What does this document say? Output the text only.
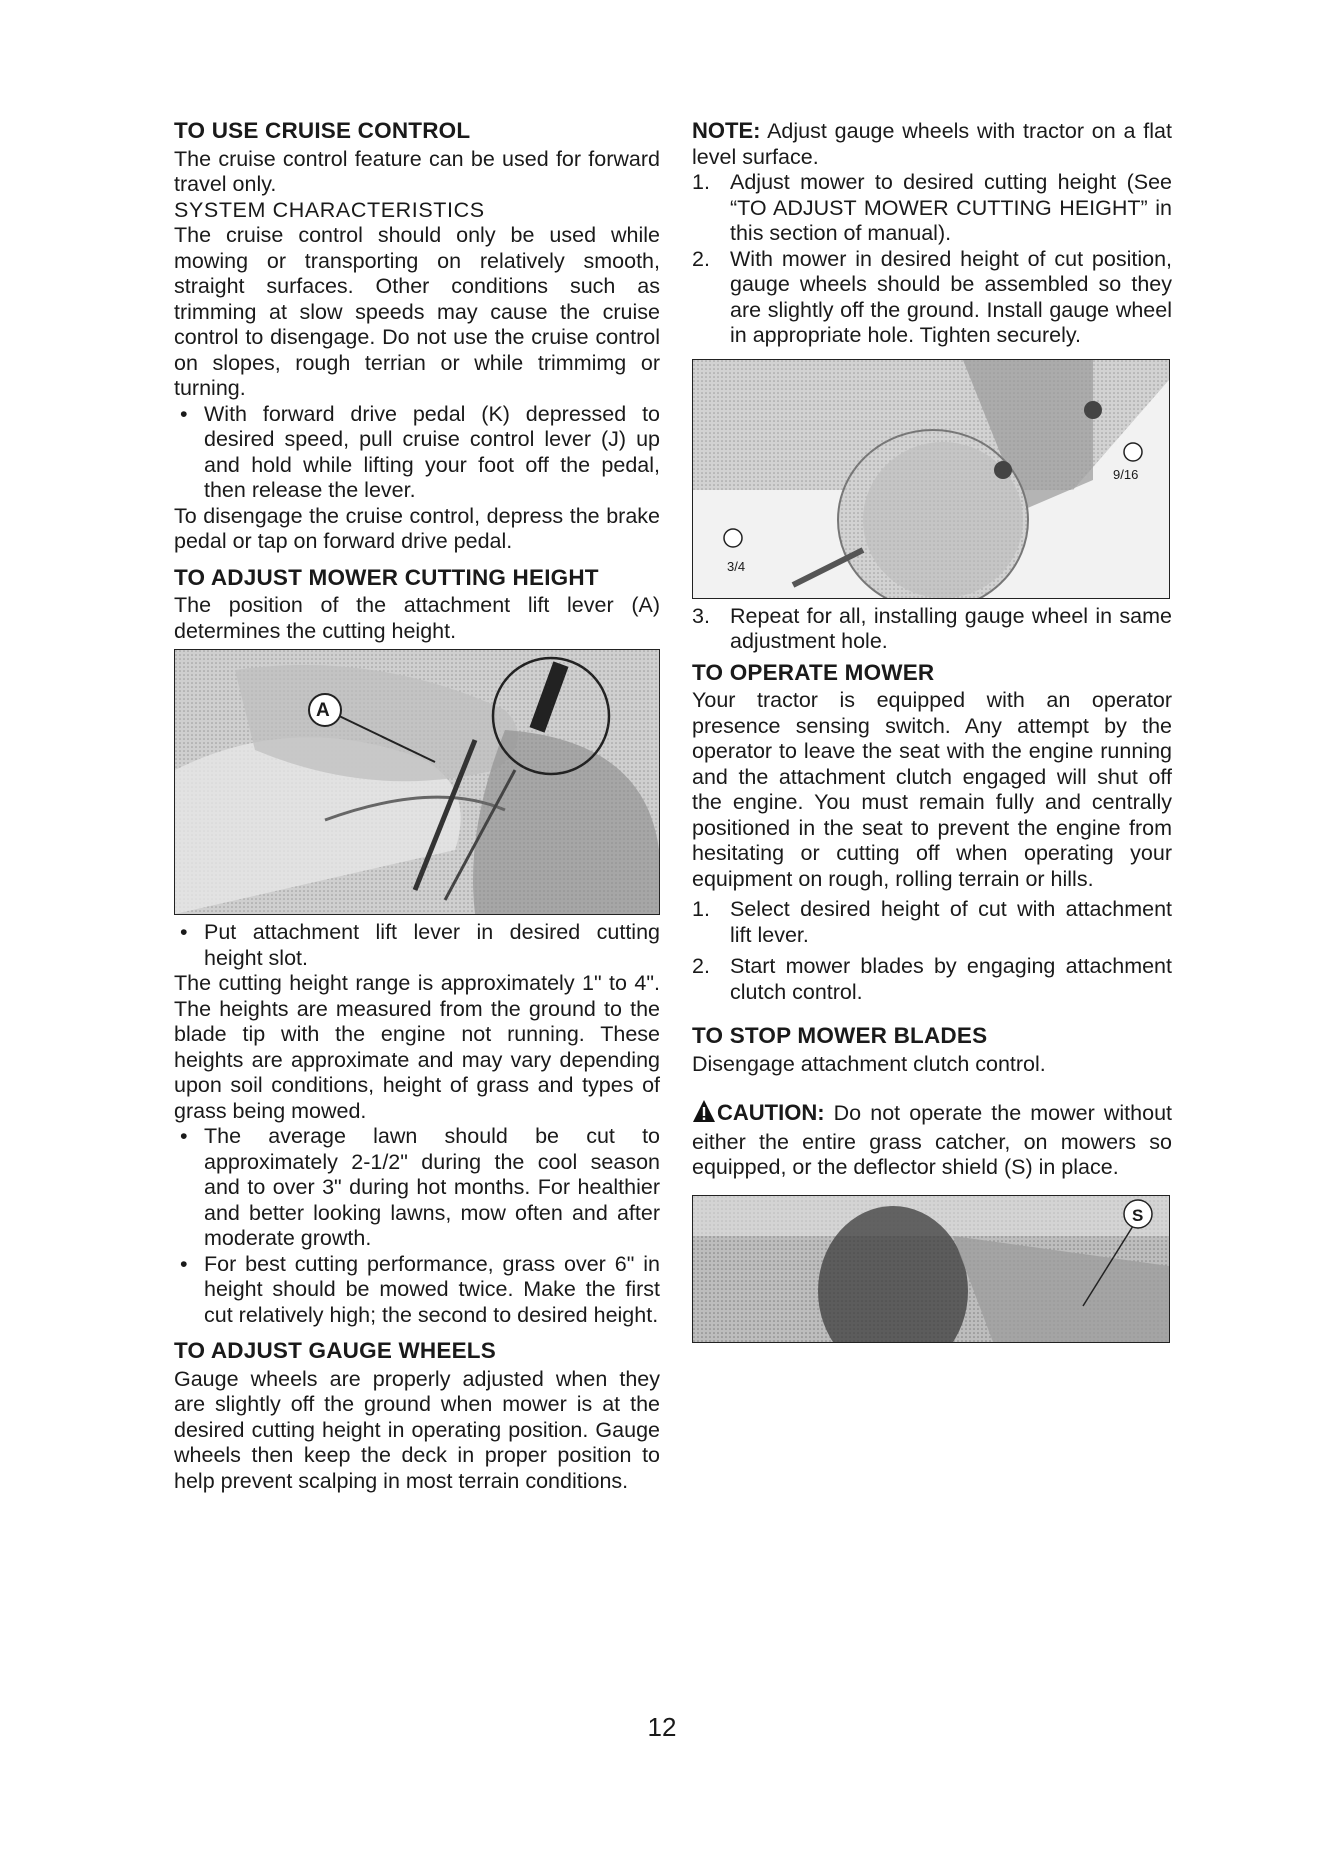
TO USE CRUISE CONTROL

The cruise control feature can be used for forward travel only.

SYSTEM CHARACTERISTICS

The cruise control should only be used while mowing or transporting on relatively smooth, straight surfaces. Other conditions such as trimming at slow speeds may cause the cruise control to disengage. Do not use the cruise control on slopes, rough terrian or while trimmimg or turning.

• With forward drive pedal (K) depressed to desired speed, pull cruise control lever (J) up and hold while lifting your foot off the pedal, then release the lever.

To disengage the cruise control, depress the brake pedal or tap on forward drive pedal.

TO ADJUST MOWER CUTTING HEIGHT

The position of the attachment lift lever (A) determines the cutting height.

A
• Put attachment lift lever in desired cutting height slot.

The cutting height range is approximately 1" to 4". The heights are measured from the ground to the blade tip with the engine not running. These heights are approximate and may vary depending upon soil conditions, height of grass and types of grass being mowed.

• The average lawn should be cut to approximately 2-1/2" during the cool season and to over 3" during hot months. For healthier and better looking lawns, mow often and after moderate growth.
• For best cutting performance, grass over 6" in height should be mowed twice. Make the first cut relatively high; the second to desired height.
TO ADJUST GAUGE WHEELS

Gauge wheels are properly adjusted when they are slightly off the ground when mower is at the desired cutting height in operating position. Gauge wheels then keep the deck in proper position to help prevent scalping in most terrain conditions.

NOTE: Adjust gauge wheels with tractor on a flat level surface.

1. Adjust mower to desired cutting height (See “TO ADJUST MOWER CUTTING HEIGHT” in this section of manual).
2. With mower in desired height of cut position, gauge wheels should be assembled so they are slightly off the ground. Install gauge wheel in appropriate hole. Tighten securely.
9/16
3/4
3. Repeat for all, installing gauge wheel in same adjustment hole.
TO OPERATE MOWER

Your tractor is equipped with an operator presence sensing switch. Any attempt by the operator to leave the seat with the engine running and the attachment clutch engaged will shut off the engine. You must remain fully and centrally positioned in the seat to prevent the engine from hesitating or cutting off when operating your equipment on rough, rolling terrain or hills.

1. Select desired height of cut with attachment lift lever.
2. Start mower blades by engaging attachment clutch control.
TO STOP MOWER BLADES

Disengage attachment clutch control.

CAUTION: Do not operate the mower without either the entire grass catcher, on mowers so equipped, or the deflector shield (S) in place.

S
12
